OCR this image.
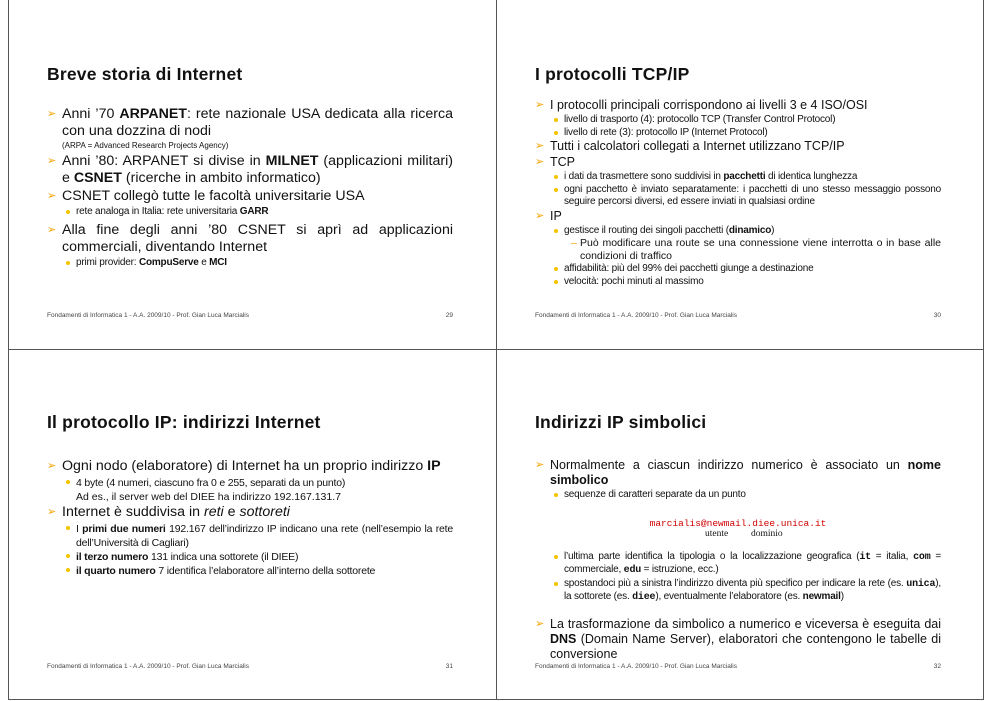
Breve storia di Internet
➢ Anni ’70 ARPANET: rete nazionale USA dedicata alla ricerca con una dozzina di nodi
(ARPA = Advanced Research Projects Agency)
➢ Anni ’80: ARPANET si divise in MILNET (applicazioni militari) e CSNET (ricerche in ambito informatico)
➢ CSNET collegò tutte le facoltà universitarie USA
rete analoga in Italia: rete universitaria GARR
➢ Alla fine degli anni ’80 CSNET si aprì ad applicazioni commerciali, diventando Internet
primi provider: CompuServe e MCI
Fondamenti di Informatica 1 - A.A. 2009/10 - Prof. Gian Luca Marcialis	29
I protocolli TCP/IP
➢ I protocolli principali corrispondono ai livelli 3 e 4 ISO/OSI
livello di trasporto (4): protocollo TCP (Transfer Control Protocol)
livello di rete (3): protocollo IP (Internet Protocol)
➢ Tutti i calcolatori collegati a Internet utilizzano TCP/IP
➢ TCP
i dati da trasmettere sono suddivisi in pacchetti di identica lunghezza
ogni pacchetto è inviato separatamente: i pacchetti di uno stesso messaggio possono seguire percorsi diversi, ed essere inviati in qualsiasi ordine
➢ IP
gestisce il routing dei singoli pacchetti (dinamico)
– Può modificare una route se una connessione viene interrotta o in base alle condizioni di traffico
affidabilità: più del 99% dei pacchetti giunge a destinazione
velocità: pochi minuti al massimo
Fondamenti di Informatica 1 - A.A. 2009/10 - Prof. Gian Luca Marcialis	30
Il protocollo IP: indirizzi Internet
➢ Ogni nodo (elaboratore) di Internet ha un proprio indirizzo IP
4 byte (4 numeri, ciascuno fra 0 e 255, separati da un punto)
Ad es., il server web del DIEE ha indirizzo 192.167.131.7
➢ Internet è suddivisa in reti e sottoreti
I primi due numeri 192.167 dell’indirizzo IP indicano una rete (nell’esempio la rete dell’Università di Cagliari)
il terzo numero 131 indica una sottorete (il DIEE)
il quarto numero 7 identifica l’elaboratore all’interno della sottorete
Fondamenti di Informatica 1 - A.A. 2009/10 - Prof. Gian Luca Marcialis	31
Indirizzi IP simbolici
➢ Normalmente a ciascun indirizzo numerico è associato un nome simbolico
sequenze di caratteri separate da un punto
marcialis@newmail.diee.unica.it
utente dominio
l’ultima parte identifica la tipologia o la localizzazione geografica (it = italia, com = commerciale, edu = istruzione, ecc.)
spostandoci più a sinistra l’indirizzo diventa più specifico per indicare la rete (es. unica), la sottorete (es. diee), eventualmente l’elaboratore (es. newmail)
➢ La trasformazione da simbolico a numerico e viceversa è eseguita dai DNS (Domain Name Server), elaboratori che contengono le tabelle di conversione
Fondamenti di Informatica 1 - A.A. 2009/10 - Prof. Gian Luca Marcialis	32
